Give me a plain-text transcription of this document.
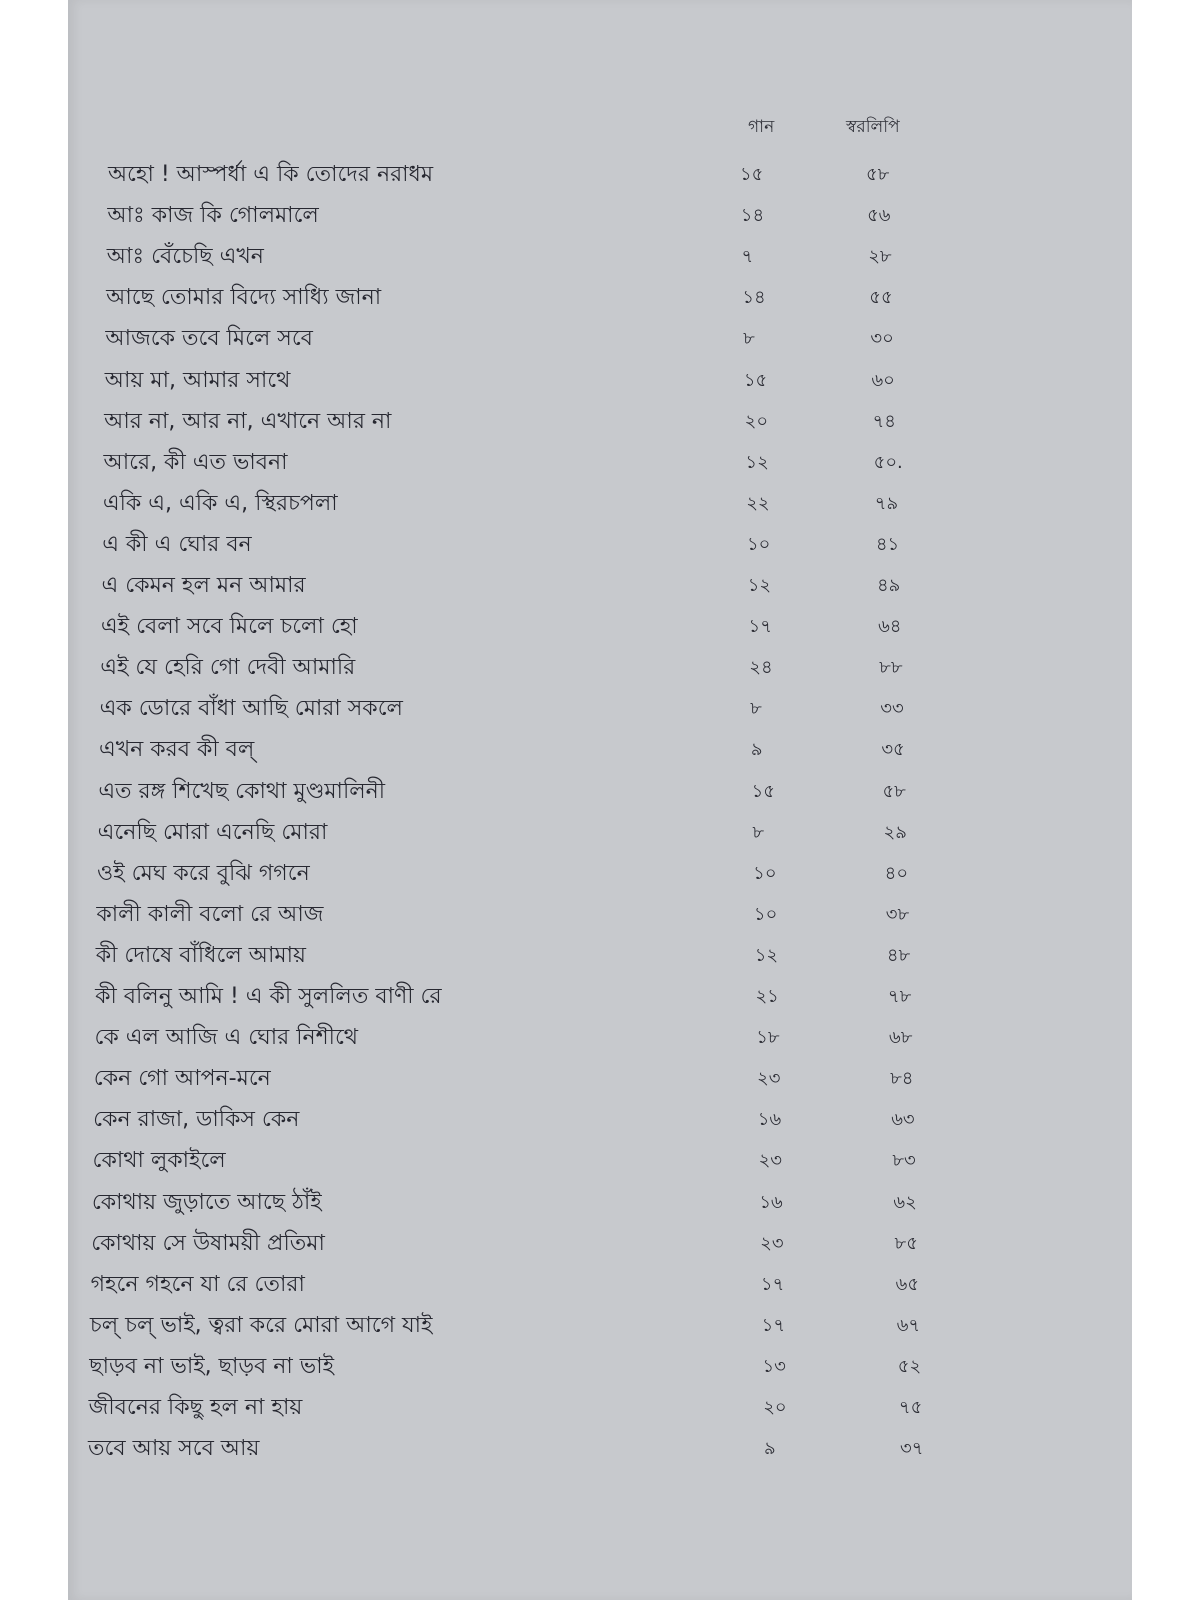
গান	স্বরলিপি
অহো ! আস্পর্ধা এ কি তোদের নরাধম	১৫	৫৮
আঃ কাজ কি গোলমালে	১৪	৫৬
আঃ বেঁচেছি এখন	৭	২৮
আছে তোমার বিদ্যে সাধ্যি জানা	১৪	৫৫
আজকে তবে মিলে সবে	৮	৩০
আয় মা, আমার সাথে	১৫	৬০
আর না, আর না, এখানে আর না	২০	৭৪
আরে, কী এত ভাবনা	১২	৫০.
একি এ, একি এ, স্থিরচপলা	২২	৭৯
এ কী এ ঘোর বন	১০	৪১
এ কেমন হল মন আমার	১২	৪৯
এই বেলা সবে মিলে চলো হো	১৭	৬৪
এই যে হেরি গো দেবী আমারি	২৪	৮৮
এক ডোরে বাঁধা আছি মোরা সকলে	৮	৩৩
এখন করব কী বল্	৯	৩৫
এত রঙ্গ শিখেছ কোথা মুণ্ডমালিনী	১৫	৫৮
এনেছি মোরা এনেছি মোরা	৮	২৯
ওই মেঘ করে বুঝি গগনে	১০	৪০
কালী কালী বলো রে আজ	১০	৩৮
কী দোষে বাঁধিলে আমায়	১২	৪৮
কী বলিনু আমি ! এ কী সুললিত বাণী রে	২১	৭৮
কে এল আজি এ ঘোর নিশীথে	১৮	৬৮
কেন গো আপন-মনে	২৩	৮৪
কেন রাজা, ডাকিস কেন	১৬	৬৩
কোথা লুকাইলে	২৩	৮৩
কোথায় জুড়াতে আছে ঠাঁই	১৬	৬২
কোথায় সে উষাময়ী প্রতিমা	২৩	৮৫
গহনে গহনে যা রে তোরা	১৭	৬৫
চল্ চল্ ভাই, ত্বরা করে মোরা আগে যাই	১৭	৬৭
ছাড়ব না ভাই, ছাড়ব না ভাই	১৩	৫২
জীবনের কিছু হল না হায়	২০	৭৫
তবে আয় সবে আয়	৯	৩৭
